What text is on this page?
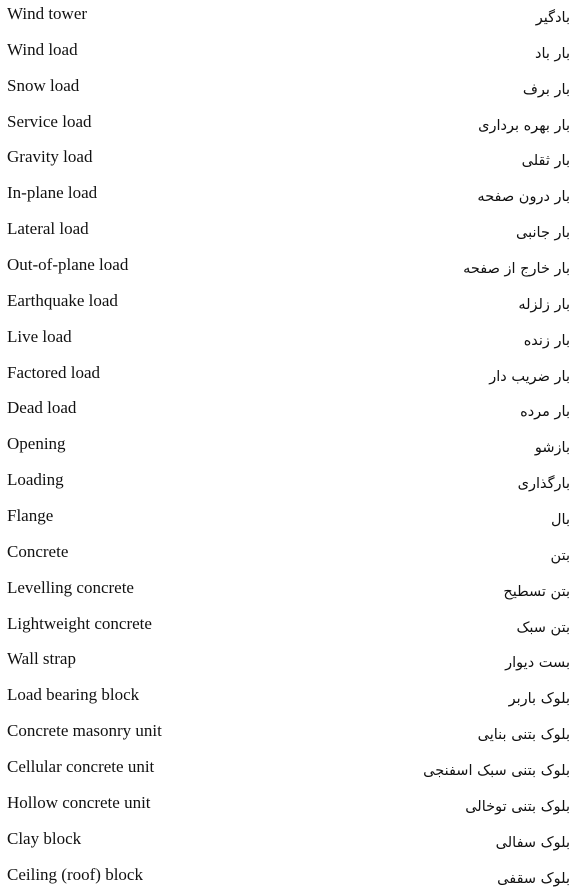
Wind tower	بادگیر
Wind load	بار باد
Snow load	بار برف
Service load	بار بهره برداری
Gravity load	بار ثقلی
In-plane load	بار درون صفحه
Lateral load	بار جانبی
Out-of-plane load	بار خارج از صفحه
Earthquake load	بار زلزله
Live load	بار زنده
Factored load	بار ضریب دار
Dead load	بار مرده
Opening	بازشو
Loading	بارگذاری
Flange	بال
Concrete	بتن
Levelling concrete	بتن تسطیح
Lightweight concrete	بتن سبک
Wall strap	بست دیوار
Load bearing block	بلوک باربر
Concrete masonry unit	بلوک بتنی بنایی
Cellular concrete unit	بلوک بتنی سبک اسفنجی
Hollow concrete unit	بلوک بتنی توخالی
Clay block	بلوک سفالی
Ceiling (roof) block	بلوک سقفی
